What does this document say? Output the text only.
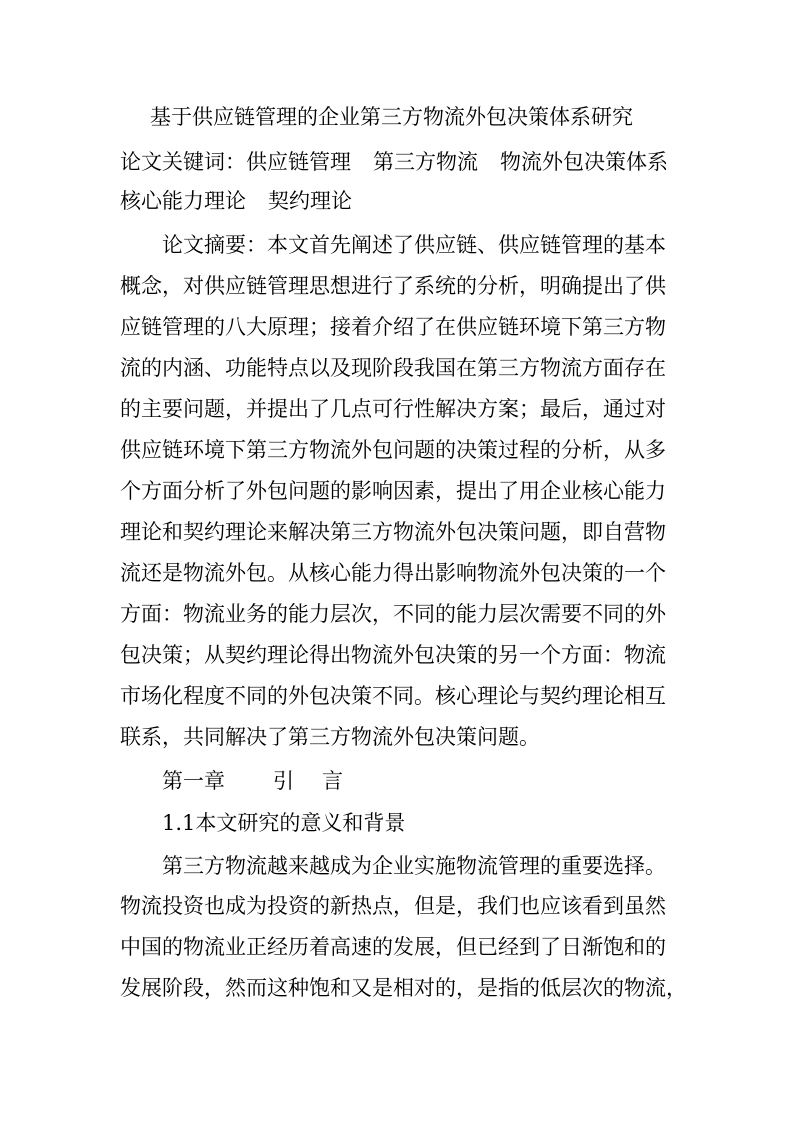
基于供应链管理的企业第三方物流外包决策体系研究
论文关键词：供应链管理 第三方物流 物流外包决策体系
核心能力理论 契约理论
论文摘要：本文首先阐述了供应链、供应链管理的基本
概念，对供应链管理思想进行了系统的分析，明确提出了供
应链管理的八大原理；接着介绍了在供应链环境下第三方物
流的内涵、功能特点以及现阶段我国在第三方物流方面存在
的主要问题，并提出了几点可行性解决方案；最后，通过对
供应链环境下第三方物流外包问题的决策过程的分析，从多
个方面分析了外包问题的影响因素，提出了用企业核心能力
理论和契约理论来解决第三方物流外包决策问题，即自营物
流还是物流外包。从核心能力得出影响物流外包决策的一个
方面：物流业务的能力层次，不同的能力层次需要不同的外
包决策；从契约理论得出物流外包决策的另一个方面：物流
市场化程度不同的外包决策不同。核心理论与契约理论相互
联系，共同解决了第三方物流外包决策问题。
第一章 引 言
1.1本文研究的意义和背景
第三方物流越来越成为企业实施物流管理的重要选择。
物流投资也成为投资的新热点，但是，我们也应该看到虽然
中国的物流业正经历着高速的发展，但已经到了日渐饱和的
发展阶段，然而这种饱和又是相对的，是指的低层次的物流，
